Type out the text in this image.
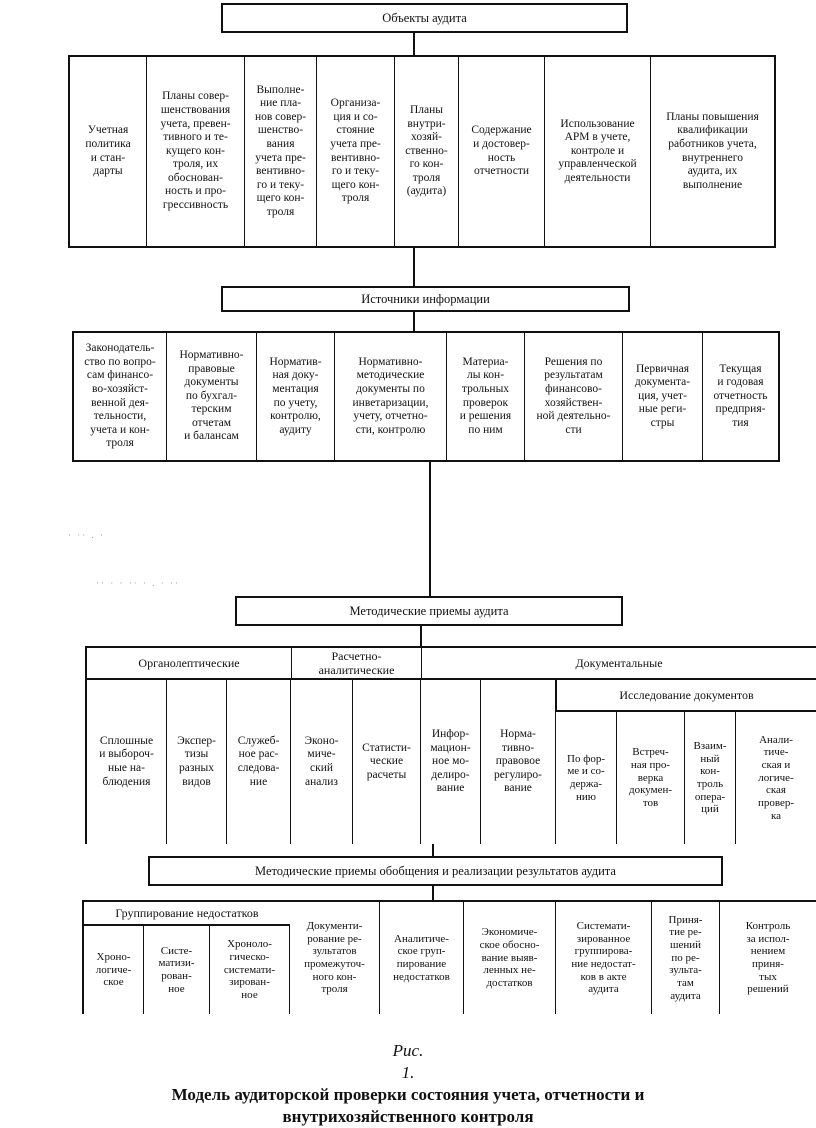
Объекты аудита
Учетная
политика
и стан-
дарты
Планы совер-
шенствования
учета, превен-
тивного и те-
кущего кон-
троля, их
обоснован-
ность и про-
грессивность
Выполне-
ние пла-
нов совер-
шенство-
вания
учета пре-
вентивно-
го и теку-
щего кон-
троля
Организа-
ция и со-
стояние
учета пре-
вентивно-
го и теку-
щего кон-
троля
Планы
внутри-
хозяй-
ственно-
го кон-
троля
(аудита)
Содержание
и достовер-
ность
отчетности
Использование
АРМ в учете,
контроле и
управленческой
деятельности
Планы повышения
квалификации
работников учета,
внутреннего
аудита, их
выполнение
Источники информации
Законодатель-
ство по вопро-
сам финансо-
во-хозяйст-
венной дея-
тельности,
учета и кон-
троля
Нормативно-
правовые
документы
по бухгал-
терским
отчетам
и балансам
Норматив-
ная доку-
ментация
по учету,
контролю,
аудиту
Нормативно-
методические
документы по
инветаризации,
учету, отчетно-
сти, контролю
Материа-
лы кон-
трольных
проверок
и решения
по ним
Решения по
результатам
финансово-
хозяйствен-
ной деятельно-
сти
Первичная
документа-
ция, учет-
ные реги-
стры
Текущая
и годовая
отчетность
предприя-
тия
· ·· . ·
·· · · ·· · . · ··
Методические приемы аудита
Органолептические
Расчетно-
аналитические
Документальные
Исследование документов
Сплошные
и выбороч-
ные на-
блюдения
Экспер-
тизы
разных
видов
Служеб-
ное рас-
следова-
ние
Эконо-
миче-
ский
анализ
Статисти-
ческие
расчеты
Инфор-
мацион-
ное мо-
делиро-
вание
Норма-
тивно-
правовое
регулиро-
вание
По фор-
ме и со-
держа-
нию
Встреч-
ная про-
верка
докумен-
тов
Взаим-
ный
кон-
троль
опера-
ций
Анали-
тиче-
ская и
логиче-
ская
провер-
ка
Методические приемы обобщения и реализации результатов аудита
Группирование недостатков
Хроно-
логиче-
ское
Систе-
матизи-
рован-
ное
Хроноло-
гическо-
системати-
зирован-
ное
Документи-
рование ре-
зультатов
промежуточ-
ного кон-
троля
Аналитиче-
ское груп-
пирование
недостатков
Экономиче-
ское обосно-
вание выяв-
ленных не-
достатков
Системати-
зированное
группирова-
ние недостат-
ков в акте
аудита
Приня-
тие ре-
шений
по ре-
зульта-
там
аудита
Контроль
за испол-
нением
приня-
тых
решений

Рис.
1.
Модель аудиторской проверки состояния учета, отчетности и
внутрихозяйственного контроля
